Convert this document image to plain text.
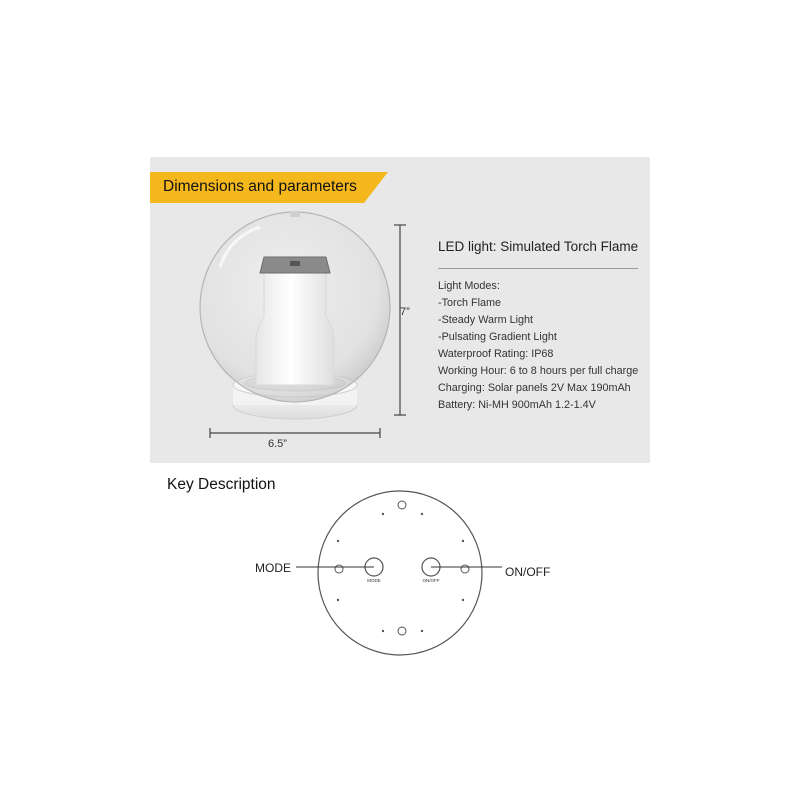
Dimensions and parameters
7”
6.5”

LED light: Simulated Torch Flame

Light Modes:
-Torch Flame
-Steady Warm Light
-Pulsating Gradient Light
Waterproof Rating: IP68
Working Hour: 6 to 8 hours per full charge
Charging: Solar panels 2V Max 190mAh
Battery: Ni-MH 900mAh 1.2-1.4V
Key Description
MODE	ON/OFF
MODE	ON/OFF
